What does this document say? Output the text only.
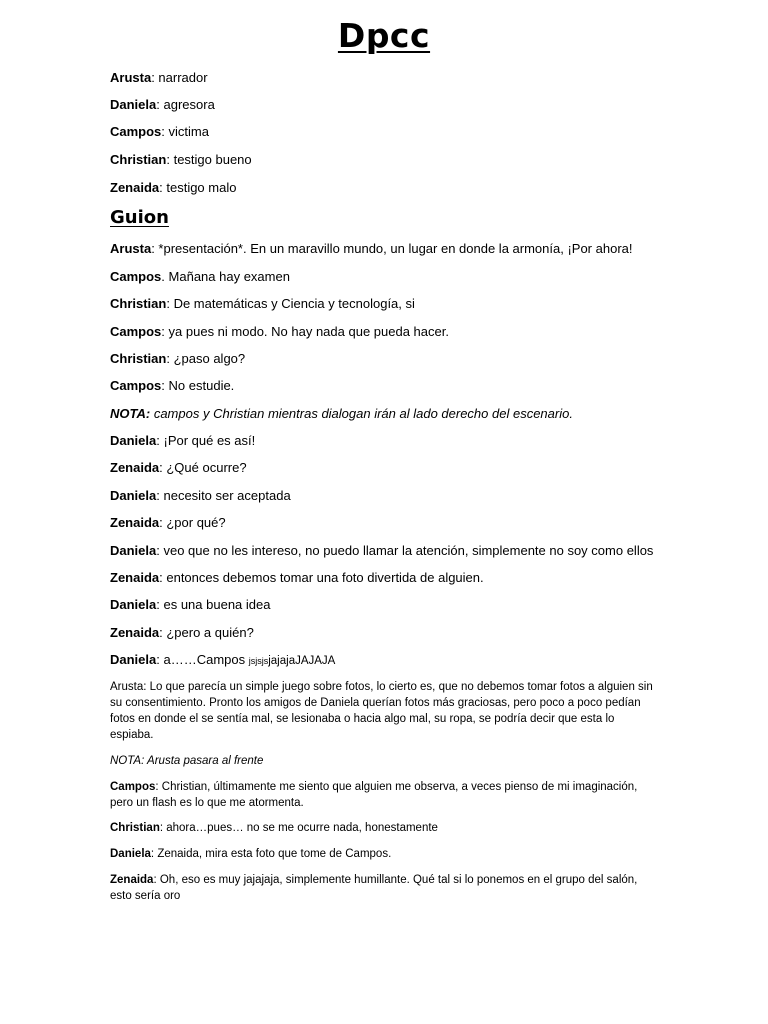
Dpcc
Arusta: narrador
Daniela: agresora
Campos: victima
Christian: testigo bueno
Zenaida: testigo malo
Guion
Arusta: *presentación*. En un maravillo mundo, un lugar en donde la armonía, ¡Por ahora!
Campos. Mañana hay examen
Christian: De matemáticas y Ciencia y tecnología, si
Campos: ya pues ni modo. No hay nada que pueda hacer.
Christian: ¿paso algo?
Campos: No estudie.
NOTA: campos y Christian mientras dialogan irán al lado derecho del escenario.
Daniela: ¡Por qué es así!
Zenaida: ¿Qué ocurre?
Daniela: necesito ser aceptada
Zenaida: ¿por qué?
Daniela: veo que no les intereso, no puedo llamar la atención, simplemente no soy como ellos
Zenaida: entonces debemos tomar una foto divertida de alguien.
Daniela: es una buena idea
Zenaida: ¿pero a quién?
Daniela: a……Campos jsjsjsjajajaJAJAJA
Arusta: Lo que parecía un simple juego sobre fotos, lo cierto es, que no debemos tomar fotos a alguien sin su consentimiento. Pronto los amigos de Daniela querían fotos más graciosas, pero poco a poco pedían fotos en donde el se sentía mal, se lesionaba o hacia algo mal, su ropa, se podría decir que esta lo espiaba.
NOTA: Arusta pasara al frente
Campos: Christian, últimamente me siento que alguien me observa, a veces pienso de mi imaginación, pero un flash es lo que me atormenta.
Christian: ahora…pues… no se me ocurre nada, honestamente
Daniela: Zenaida, mira esta foto que tome de Campos.
Zenaida: Oh, eso es muy jajajaja, simplemente humillante. Qué tal si lo ponemos en el grupo del salón, esto sería oro
